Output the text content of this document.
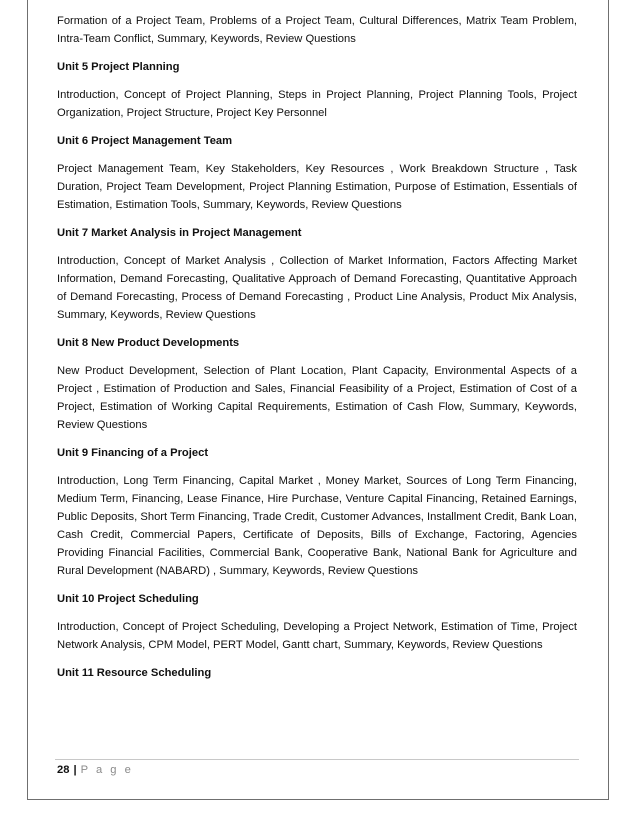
Formation of a Project Team, Problems of a Project Team, Cultural Differences, Matrix Team Problem, Intra-Team Conflict, Summary, Keywords, Review Questions

Unit 5 Project Planning

Introduction, Concept of Project Planning, Steps in Project Planning, Project Planning Tools, Project Organization, Project Structure, Project Key Personnel

Unit 6 Project Management Team

Project Management Team, Key Stakeholders, Key Resources , Work Breakdown Structure , Task Duration, Project Team Development, Project Planning Estimation, Purpose of Estimation, Essentials of Estimation, Estimation Tools, Summary, Keywords, Review Questions

Unit 7 Market Analysis in Project Management

Introduction, Concept of Market Analysis , Collection of Market Information, Factors Affecting Market Information, Demand Forecasting, Qualitative Approach of Demand Forecasting, Quantitative Approach of Demand Forecasting, Process of Demand Forecasting , Product Line Analysis, Product Mix Analysis, Summary, Keywords, Review Questions

Unit 8 New Product Developments

New Product Development, Selection of Plant Location, Plant Capacity, Environmental Aspects of a Project , Estimation of Production and Sales, Financial Feasibility of a Project, Estimation of Cost of a Project, Estimation of Working Capital Requirements, Estimation of Cash Flow, Summary, Keywords, Review Questions

Unit 9 Financing of a Project

Introduction, Long Term Financing, Capital Market , Money Market, Sources of Long Term Financing, Medium Term, Financing, Lease Finance, Hire Purchase, Venture Capital Financing, Retained Earnings, Public Deposits, Short Term Financing, Trade Credit, Customer Advances, Installment Credit, Bank Loan, Cash Credit, Commercial Papers, Certificate of Deposits, Bills of Exchange, Factoring, Agencies Providing Financial Facilities, Commercial Bank, Cooperative Bank, National Bank for Agriculture and Rural Development (NABARD) , Summary, Keywords, Review Questions

Unit 10 Project Scheduling

Introduction, Concept of Project Scheduling, Developing a Project Network, Estimation of Time, Project Network Analysis, CPM Model, PERT Model, Gantt chart, Summary, Keywords, Review Questions

Unit 11 Resource Scheduling

28 | P a g e
